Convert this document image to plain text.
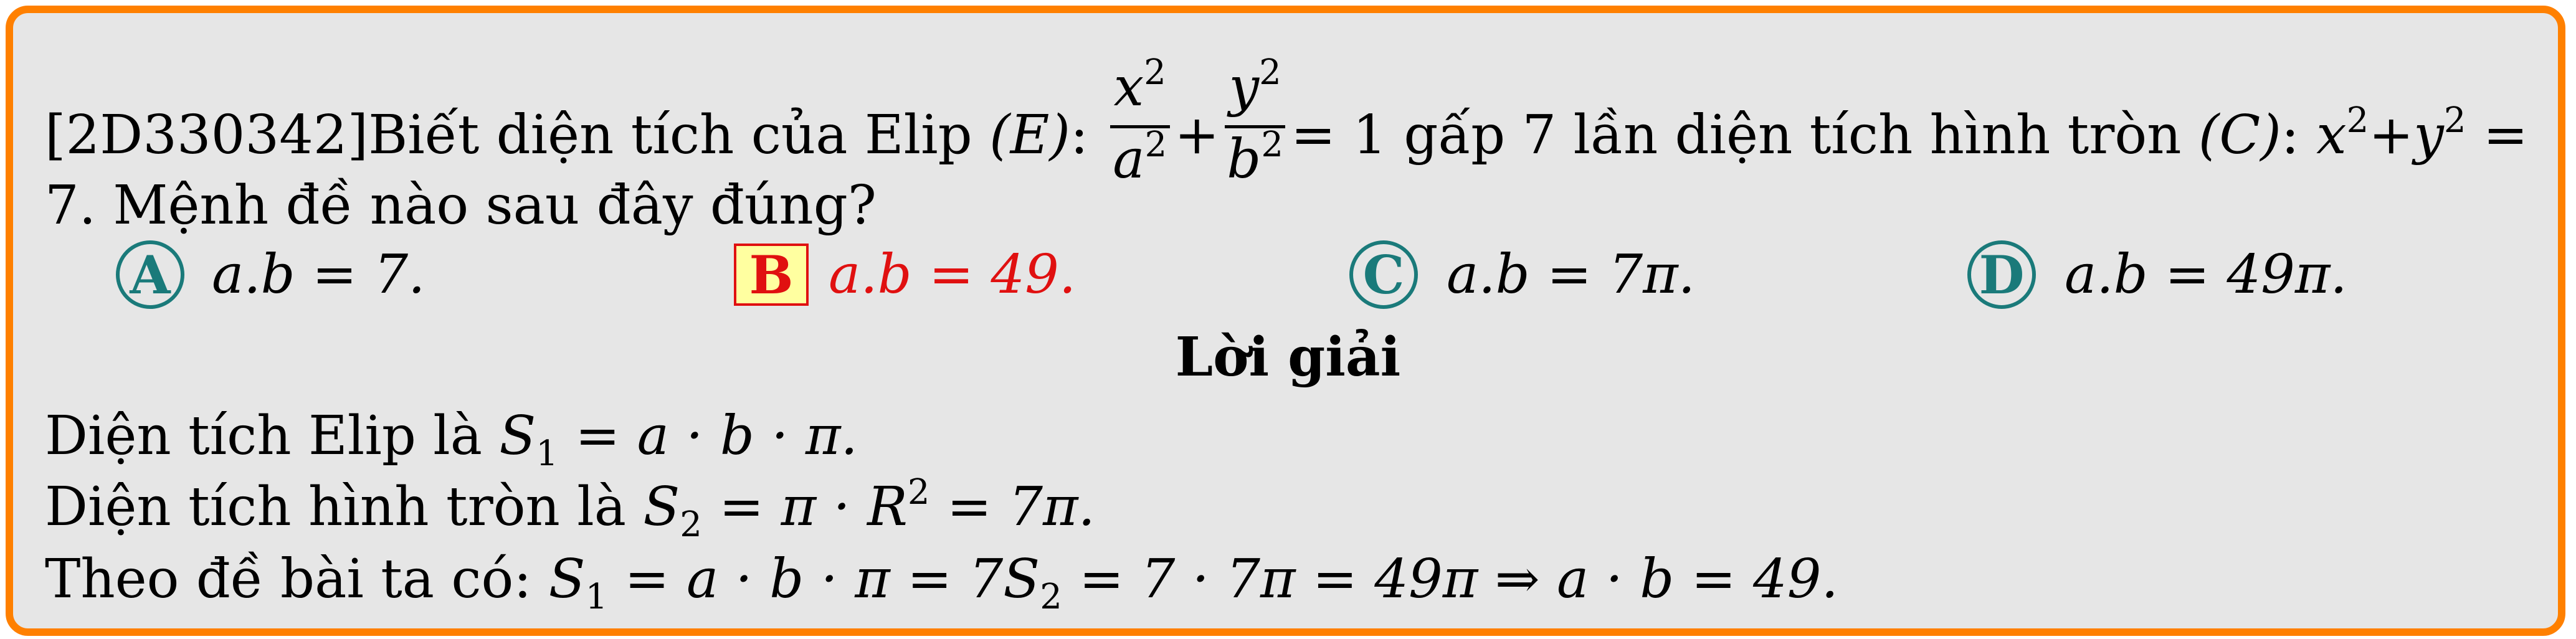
[2D330342]Biết diện tích của Elip (E): $\frac{x^2}{a^2} + \frac{y^2}{b^2} = 1$ gấp 7 lần diện tích hình tròn (C): $x^2+y^2$ =
7. Mệnh đề nào sau đây đúng?
A a.b = 7.	B a.b = 49.	C a.b = 7π.	D a.b = 49π.
Lời giải
Diện tích Elip là $S_1 = a \cdot b \cdot \pi$.
Diện tích hình tròn là $S_2 = \pi \cdot R^2 = 7\pi$.
Theo đề bài ta có: $S_1 = a \cdot b \cdot \pi = 7S_2 = 7 \cdot 7\pi = 49\pi$ ⇒ a · b = 49.
